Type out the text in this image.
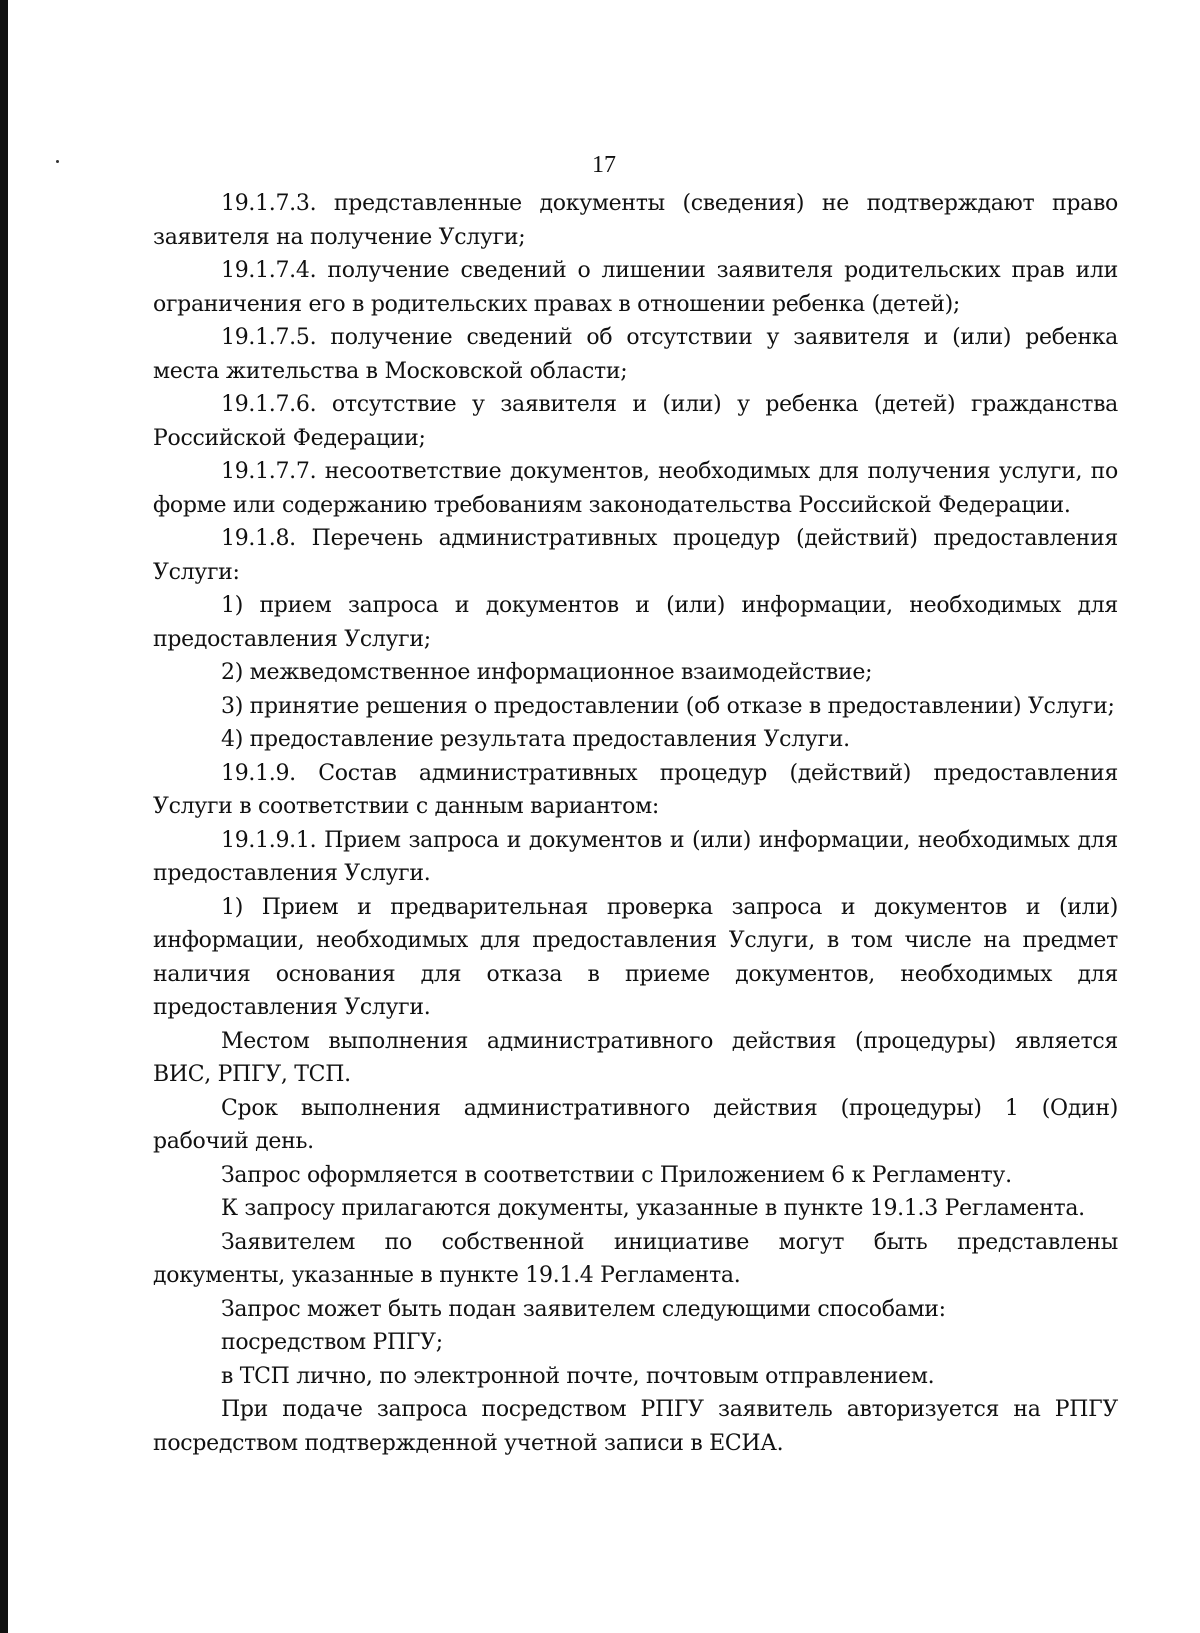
17

19.1.7.3. представленные документы (сведения) не подтверждают право заявителя на получение Услуги;

19.1.7.4. получение сведений о лишении заявителя родительских прав или ограничения его в родительских правах в отношении ребенка (детей);

19.1.7.5. получение сведений об отсутствии у заявителя и (или) ребенка места жительства в Московской области;

19.1.7.6. отсутствие у заявителя и (или) у ребенка (детей) гражданства Российской Федерации;

19.1.7.7. несоответствие документов, необходимых для получения услуги, по форме или содержанию требованиям законодательства Российской Федерации.

19.1.8. Перечень административных процедур (действий) предоставления Услуги:

1) прием запроса и документов и (или) информации, необходимых для предоставления Услуги;

2) межведомственное информационное взаимодействие;

3) принятие решения о предоставлении (об отказе в предоставлении) Услуги;

4) предоставление результата предоставления Услуги.

19.1.9. Состав административных процедур (действий) предоставления Услуги в соответствии с данным вариантом:

19.1.9.1. Прием запроса и документов и (или) информации, необходимых для предоставления Услуги.

1) Прием и предварительная проверка запроса и документов и (или) информации, необходимых для предоставления Услуги, в том числе на предмет наличия основания для отказа в приеме документов, необходимых для предоставления Услуги.

Местом выполнения административного действия (процедуры) является ВИС, РПГУ, ТСП.

Срок выполнения административного действия (процедуры) 1 (Один) рабочий день.

Запрос оформляется в соответствии с Приложением 6 к Регламенту.

К запросу прилагаются документы, указанные в пункте 19.1.3 Регламента.

Заявителем по собственной инициативе могут быть представлены документы, указанные в пункте 19.1.4 Регламента.

Запрос может быть подан заявителем следующими способами:

посредством РПГУ;

в ТСП лично, по электронной почте, почтовым отправлением.

При подаче запроса посредством РПГУ заявитель авторизуется на РПГУ посредством подтвержденной учетной записи в ЕСИА.
